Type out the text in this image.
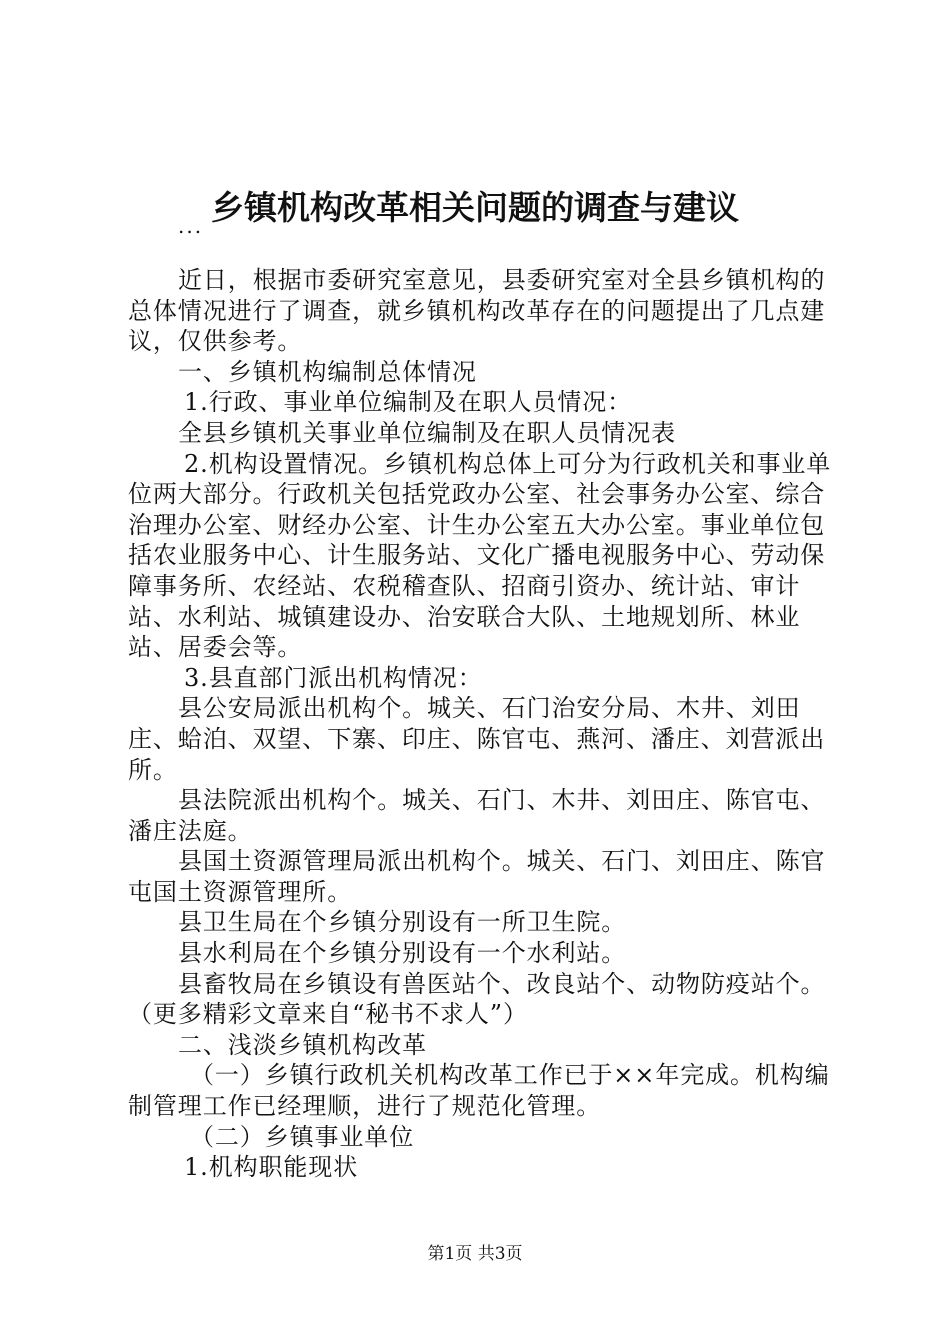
乡镇机构改革相关问题的调查与建议
...

近日，根据市委研究室意见，县委研究室对全县乡镇机构的总体情况进行了调查，就乡镇机构改革存在的问题提出了几点建议，仅供参考。

一、乡镇机构编制总体情况

1.行政、事业单位编制及在职人员情况：

全县乡镇机关事业单位编制及在职人员情况表

2.机构设置情况。乡镇机构总体上可分为行政机关和事业单位两大部分。行政机关包括党政办公室、社会事务办公室、综合治理办公室、财经办公室、计生办公室五大办公室。事业单位包括农业服务中心、计生服务站、文化广播电视服务中心、劳动保障事务所、农经站、农税稽查队、招商引资办、统计站、审计站、水利站、城镇建设办、治安联合大队、土地规划所、林业站、居委会等。

3.县直部门派出机构情况：

县公安局派出机构个。城关、石门治安分局、木井、刘田庄、蛤泊、双望、下寨、印庄、陈官屯、燕河、潘庄、刘营派出所。

县法院派出机构个。城关、石门、木井、刘田庄、陈官屯、潘庄法庭。

县国土资源管理局派出机构个。城关、石门、刘田庄、陈官屯国土资源管理所。

县卫生局在个乡镇分别设有一所卫生院。

县水利局在个乡镇分别设有一个水利站。

县畜牧局在乡镇设有兽医站个、改良站个、动物防疫站个。（更多精彩文章来自“秘书不求人”）

二、浅淡乡镇机构改革

（一）乡镇行政机关机构改革工作已于××年完成。机构编制管理工作已经理顺，进行了规范化管理。

（二）乡镇事业单位

1.机构职能现状

第1页 共3页
